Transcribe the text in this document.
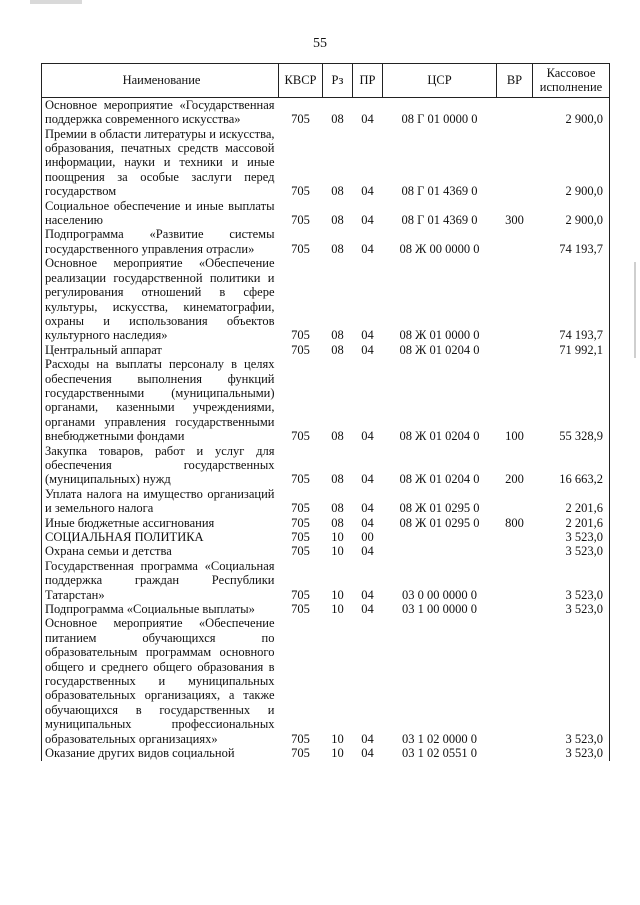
55
Наименование	КВСР	Рз	ПР	ЦСР	ВР	Кассовое исполнение
Основное мероприятие «Государственная поддержка современного искусства»	705	08	04	08 Г 01 0000 0		2 900,0
Премии в области литературы и искусства, образования, печатных средств массовой информации, науки и техники и иные поощрения за особые заслуги перед государством	705	08	04	08 Г 01 4369 0		2 900,0
Социальное обеспечение и иные выплаты населению	705	08	04	08 Г 01 4369 0	300	2 900,0
Подпрограмма «Развитие системы государственного управления отрасли»	705	08	04	08 Ж 00 0000 0		74 193,7
Основное мероприятие «Обеспечение реализации государственной политики и регулирования отношений в сфере культуры, искусства, кинематографии, охраны и использования объектов культурного наследия»	705	08	04	08 Ж 01 0000 0		74 193,7
Центральный аппарат	705	08	04	08 Ж 01 0204 0		71 992,1
Расходы на выплаты персоналу в целях обеспечения выполнения функций государственными (муниципальными) органами, казенными учреждениями, органами управления государственными внебюджетными фондами	705	08	04	08 Ж 01 0204 0	100	55 328,9
Закупка товаров, работ и услуг для обеспечения государственных (муниципальных) нужд	705	08	04	08 Ж 01 0204 0	200	16 663,2
Уплата налога на имущество организаций и земельного налога	705	08	04	08 Ж 01 0295 0		2 201,6
Иные бюджетные ассигнования	705	08	04	08 Ж 01 0295 0	800	2 201,6
СОЦИАЛЬНАЯ ПОЛИТИКА	705	10	00			3 523,0
Охрана семьи и детства	705	10	04			3 523,0
Государственная программа «Социальная поддержка граждан Республики Татарстан»	705	10	04	03 0 00 0000 0		3 523,0
Подпрограмма «Социальные выплаты»	705	10	04	03 1 00 0000 0		3 523,0
Основное мероприятие «Обеспечение питанием обучающихся по образовательным программам основного общего и среднего общего образования в государственных и муниципальных образовательных организациях, а также обучающихся в государственных и муниципальных профессиональных образовательных организациях»	705	10	04	03 1 02 0000 0		3 523,0
Оказание других видов социальной	705	10	04	03 1 02 0551 0		3 523,0
